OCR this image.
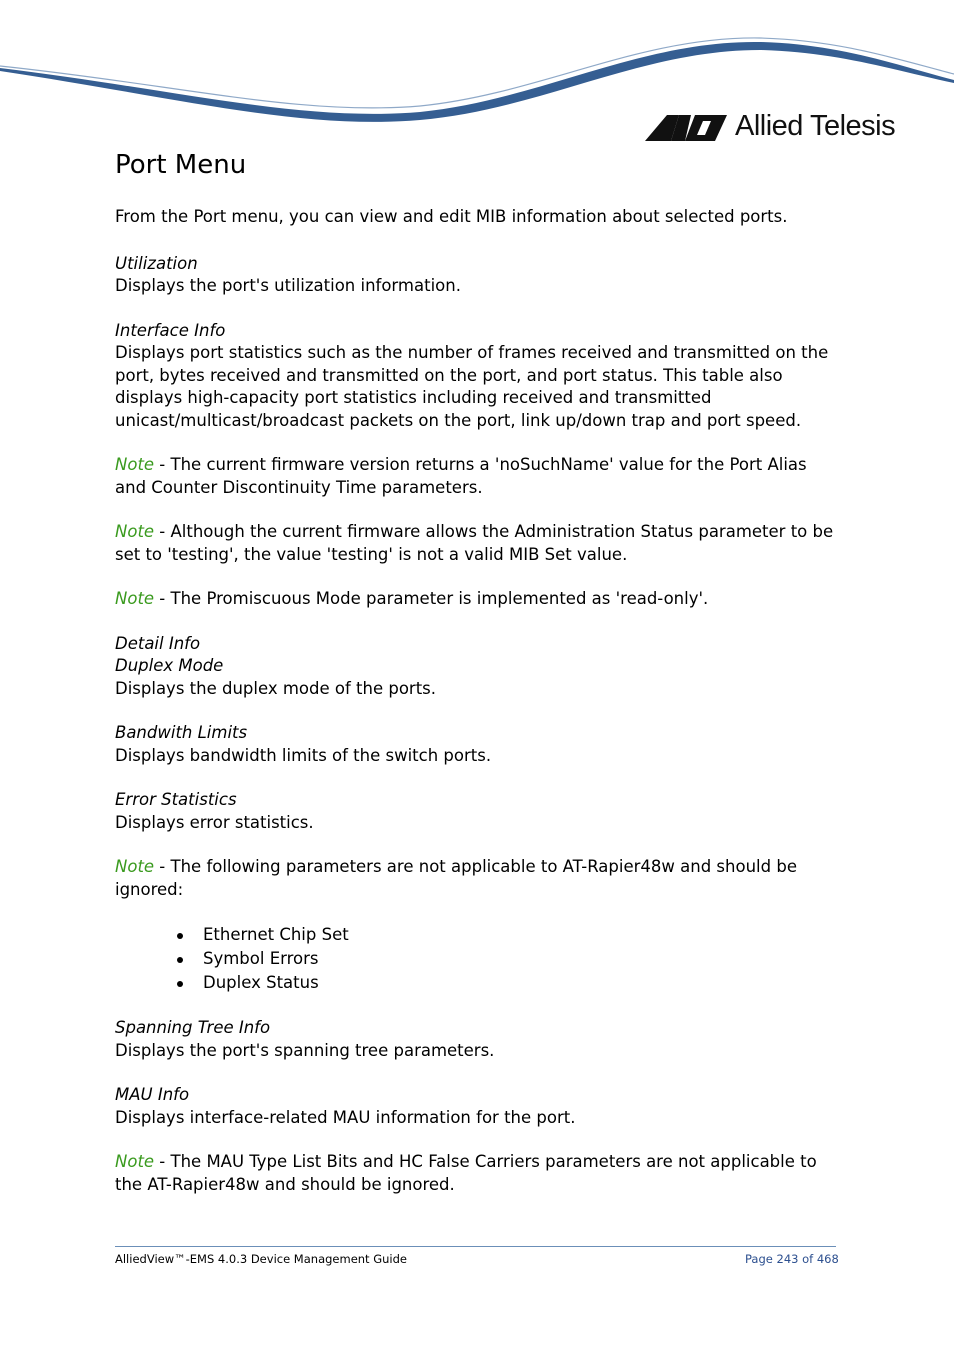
Allied Telesis
Port Menu

From the Port menu, you can view and edit MIB information about selected ports.

Utilization

Displays the port's utilization information.

Interface Info

Displays port statistics such as the number of frames received and transmitted on the port, bytes received and transmitted on the port, and port status. This table also displays high-capacity port statistics including received and transmitted unicast/multicast/broadcast packets on the port, link up/down trap and port speed.

Note - The current firmware version returns a 'noSuchName' value for the Port Alias and Counter Discontinuity Time parameters.

Note - Although the current firmware allows the Administration Status parameter to be set to 'testing', the value 'testing' is not a valid MIB Set value.

Note - The Promiscuous Mode parameter is implemented as 'read-only'.

Detail Info

Duplex Mode

Displays the duplex mode of the ports.

Bandwith Limits

Displays bandwidth limits of the switch ports.

Error Statistics

Displays error statistics.

Note - The following parameters are not applicable to AT-Rapier48w and should be ignored:

Ethernet Chip Set
Symbol Errors
Duplex Status

Spanning Tree Info

Displays the port's spanning tree parameters.

MAU Info

Displays interface-related MAU information for the port.

Note - The MAU Type List Bits and HC False Carriers parameters are not applicable to the AT-Rapier48w and should be ignored.

AlliedView™-EMS 4.0.3 Device Management Guide	Page 243 of 468
